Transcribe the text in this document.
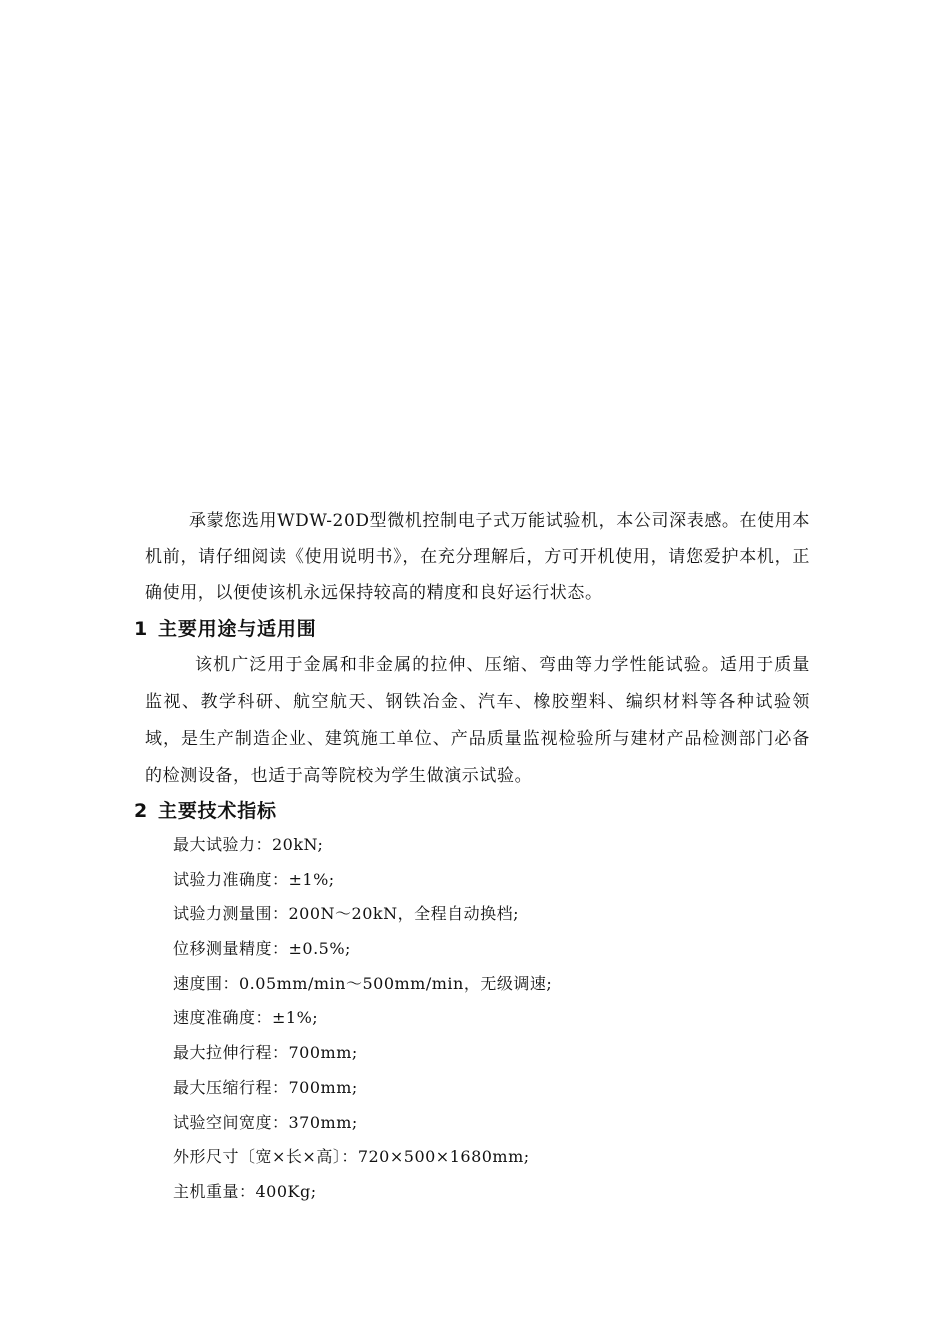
承蒙您选用WDW-20D型微机控制电子式万能试验机，本公司深表感。在使用本机前，请仔细阅读《使用说明书》，在充分理解后，方可开机使用，请您爱护本机，正确使用，以便使该机永远保持较高的精度和良好运行状态。

1 主要用途与适用围

该机广泛用于金属和非金属的拉伸、压缩、弯曲等力学性能试验。适用于质量监视、教学科研、航空航天、钢铁冶金、汽车、橡胶塑料、编织材料等各种试验领域，是生产制造企业、建筑施工单位、产品质量监视检验所与建材产品检测部门必备的检测设备，也适于高等院校为学生做演示试验。

2 主要技术指标
最大试验力：20kN;
试验力准确度：±1%;
试验力测量围：200N～20kN，全程自动换档;
位移测量精度：±0.5%;
速度围：0.05mm/min～500mm/min，无级调速;
速度准确度：±1%;
最大拉伸行程：700mm;
最大压缩行程：700mm;
试验空间宽度：370mm;
外形尺寸〔宽×长×高〕：720×500×1680mm;
主机重量：400Kg;
